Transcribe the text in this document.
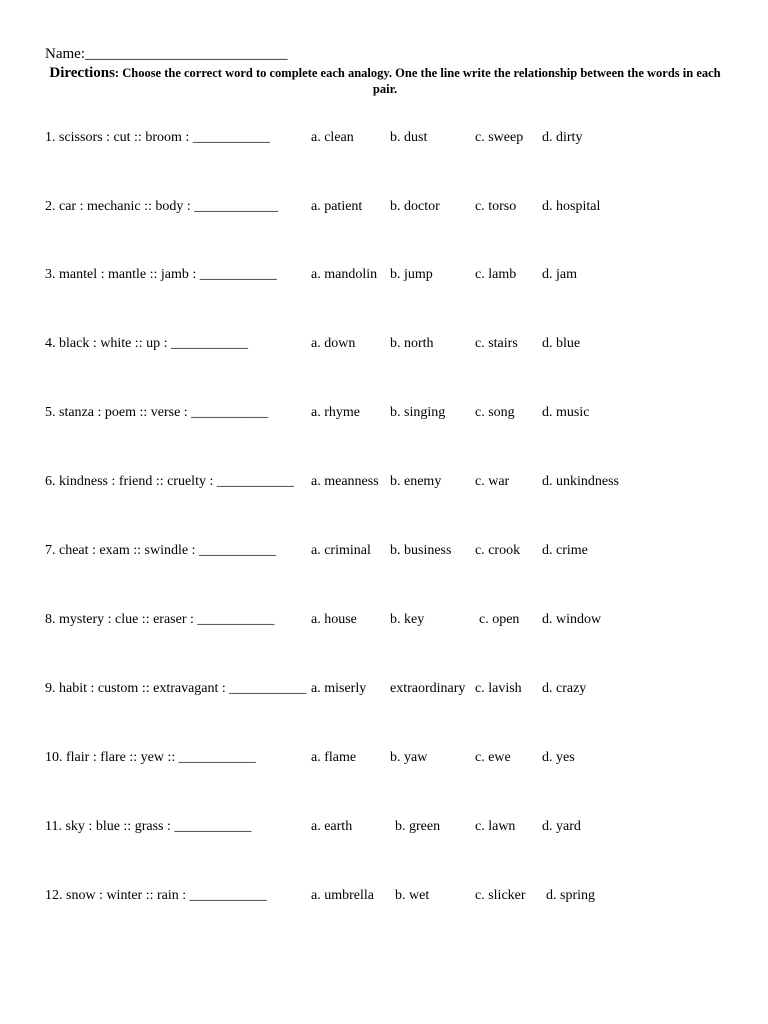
Name:___________________________
Directions: Choose the correct word to complete each analogy. One the line write the relationship between the words in each pair.
1. scissors : cut :: broom : ___________	a. clean	b. dust	c. sweep d. dirty
2. car : mechanic :: body : ____________ a. patient b. doctor	c. torso d. hospital
3. mantel : mantle :: jamb : ___________ a. mandolin b. jump	c. lamb d. jam
4. black : white :: up : ___________	a. down b. north	c. stairs d. blue
5. stanza : poem :: verse : ___________	a. rhyme b. singing c. song d. music
6. kindness : friend :: cruelty : ___________ a. meanness b. enemy c. war d. unkindness
7. cheat : exam :: swindle : ___________	a. criminal b. business c. crook d. crime
8. mystery : clue :: eraser : ___________	a. house b. key	c. open d. window
9. habit : custom :: extravagant : ___________ a. miserly extraordinary c. lavish d. crazy
10. flair : flare :: yew :: ___________	a. flame b. yaw	c. ewe d. yes
11. sky : blue :: grass : ___________	a. earth	b. green c. lawn d. yard
12. snow : winter :: rain : ___________	a. umbrella b. wet	c. slicker d. spring
